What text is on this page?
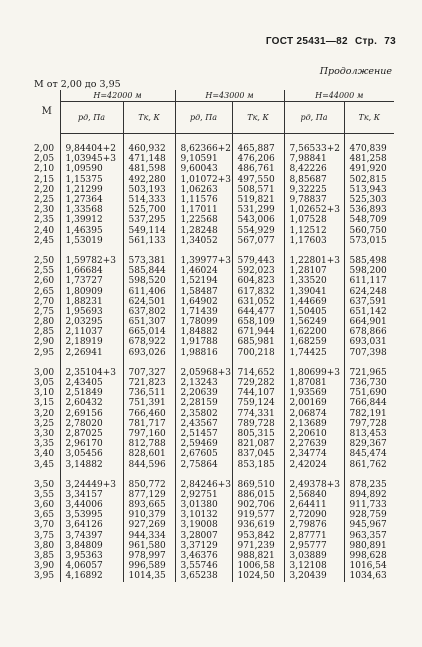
ГОСТ 25431—82 Стр. 73
Продолжение
М от 2,00 до 3,95
М	H=42000 м		H=43000 м		H=44000 м	
	pд, Па	Tк, К	pд, Па	Tк, К	pд, Па	Tк, К

2,00	9,84404+2	460,932	8,62366+2	465,887	7,56533+2	470,839
2,05	1,03945+3	471,148	9,10591	476,206	7,98841	481,258
2,10	1,09590	481,598	9,60043	486,761	8,42226	491,920
2,15	1,15375	492,280	1,01072+3	497,550	8,85687	502,815
2,20	1,21299	503,193	1,06263	508,571	9,32225	513,943
2,25	1,27364	514,333	1,11576	519,821	9,78837	525,303
2,30	1,33568	525,700	1,17011	531,299	1,02652+3	536,893
2,35	1,39912	537,295	1,22568	543,006	1,07528	548,709
2,40	1,46395	549,114	1,28248	554,929	1,12512	560,750
2,45	1,53019	561,133	1,34052	567,077	1,17603	573,015

2,50	1,59782+3	573,381	1,39977+3	579,443	1,22801+3	585,498
2,55	1,66684	585,844	1,46024	592,023	1,28107	598,200
2,60	1,73727	598,520	1,52194	604,823	1,33520	611,117
2,65	1,80909	611,406	1,58487	617,832	1,39041	624,248
2,70	1,88231	624,501	1,64902	631,052	1,44669	637,591
2,75	1,95693	637,802	1,71439	644,477	1,50405	651,142
2,80	2,03295	651,307	1,78099	658,109	1,56249	664,901
2,85	2,11037	665,014	1,84882	671,944	1,62200	678,866
2,90	2,18919	678,922	1,91788	685,981	1,68259	693,031
2,95	2,26941	693,026	1,98816	700,218	1,74425	707,398

3,00	2,35104+3	707,327	2,05968+3	714,652	1,80699+3	721,965
3,05	2,43405	721,823	2,13243	729,282	1,87081	736,730
3,10	2,51849	736,511	2,20639	744,107	1,93569	751,690
3,15	2,60432	751,391	2,28159	759,124	2,00169	766,844
3,20	2,69156	766,460	2,35802	774,331	2,06874	782,191
3,25	2,78020	781,717	2,43567	789,728	2,13689	797,728
3,30	2,87025	797,160	2,51457	805,315	2,20610	813,453
3,35	2,96170	812,788	2,59469	821,087	2,27639	829,367
3,40	3,05456	828,601	2,67605	837,045	2,34774	845,474
3,45	3,14882	844,596	2,75864	853,185	2,42024	861,762

3,50	3,24449+3	850,772	2,84246+3	869,510	2,49378+3	878,235
3,55	3,34157	877,129	2,92751	886,015	2,56840	894,892
3,60	3,44006	893,665	3,01380	902,706	2,64411	911,733
3,65	3,53995	910,379	3,10132	919,577	2,72090	928,759
3,70	3,64126	927,269	3,19008	936,619	2,79876	945,967
3,75	3,74397	944,334	3,28007	953,842	2,87771	963,357
3,80	3,84809	961,580	3,37129	971,239	2,95777	980,891
3,85	3,95363	978,997	3,46376	988,821	3,03889	998,628
3,90	4,06057	996,589	3,55746	1006,58	3,12108	1016,54
3,95	4,16892	1014,35	3,65238	1024,50	3,20439	1034,63
